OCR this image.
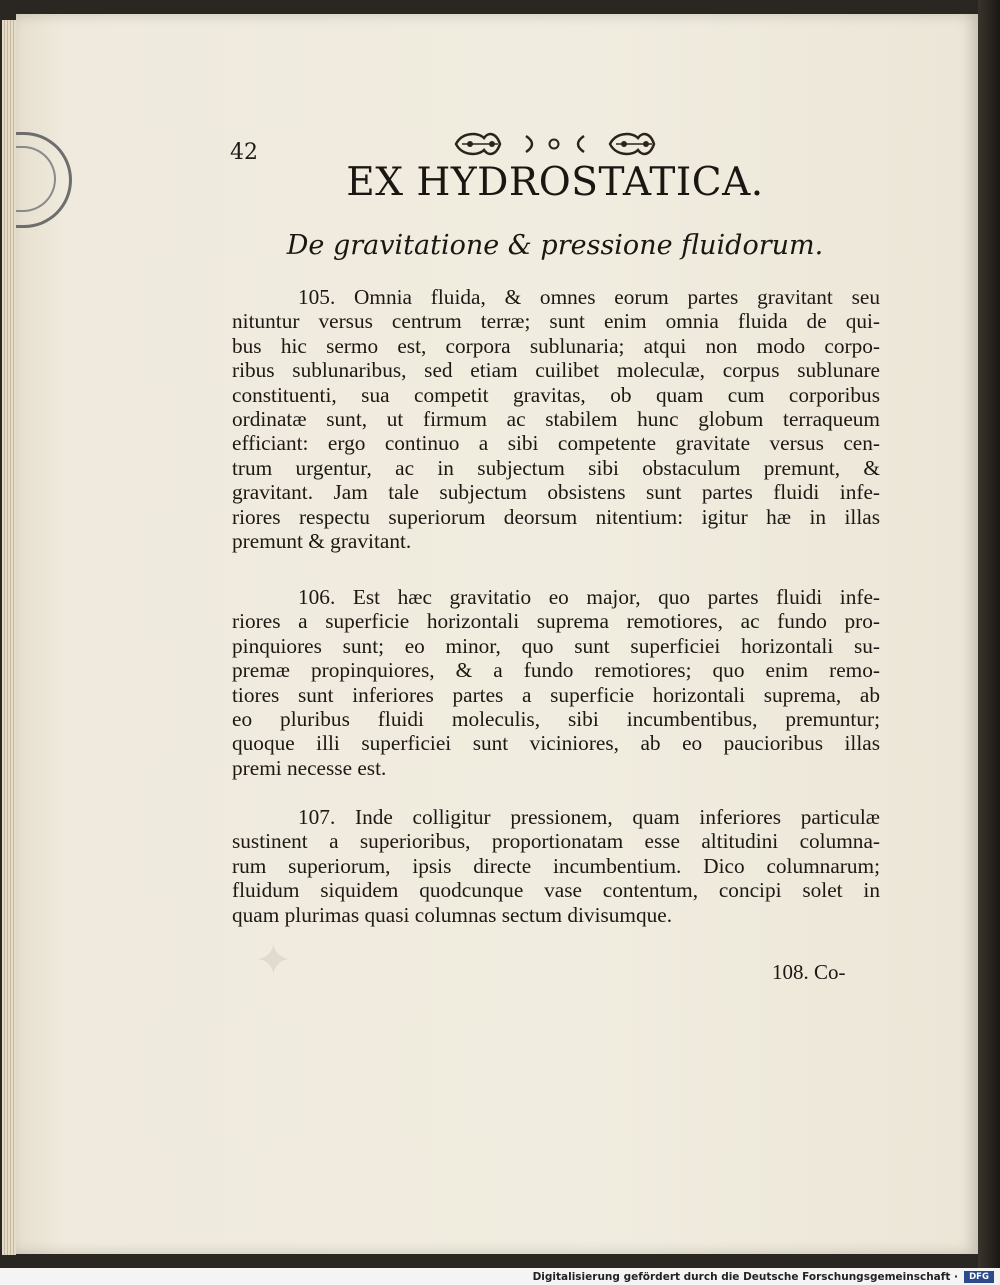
✦
42
EX HYDROSTATICA.
De gravitatione & pressione fluidorum.
105. Omnia fluida, & omnes eorum partes gravitant seu
nituntur versus centrum terræ; sunt enim omnia fluida de qui-
bus hic sermo est, corpora sublunaria; atqui non modo corpo-
ribus sublunaribus, sed etiam cuilibet moleculæ, corpus sublunare
constituenti, sua competit gravitas, ob quam cum corporibus
ordinatæ sunt, ut firmum ac stabilem hunc globum terraqueum
efficiant: ergo continuo a sibi competente gravitate versus cen-
trum urgentur, ac in subjectum sibi obstaculum premunt, &
gravitant. Jam tale subjectum obsistens sunt partes fluidi infe-
riores respectu superiorum deorsum nitentium: igitur hæ in illas
premunt & gravitant.
106. Est hæc gravitatio eo major, quo partes fluidi infe-
riores a superficie horizontali suprema remotiores, ac fundo pro-
pinquiores sunt; eo minor, quo sunt superficiei horizontali su-
premæ propinquiores, & a fundo remotiores; quo enim remo-
tiores sunt inferiores partes a superficie horizontali suprema, ab
eo pluribus fluidi moleculis, sibi incumbentibus, premuntur;
quoque illi superficiei sunt viciniores, ab eo paucioribus illas
premi necesse est.
107. Inde colligitur pressionem, quam inferiores particulæ
sustinent a superioribus, proportionatam esse altitudini columna-
rum superiorum, ipsis directe incumbentium. Dico columnarum;
fluidum siquidem quodcunque vase contentum, concipi solet in
quam plurimas quasi columnas sectum divisumque.
108. Co-
Digitalisierung gefördert durch die Deutsche Forschungsgemeinschaft ·	DFG
